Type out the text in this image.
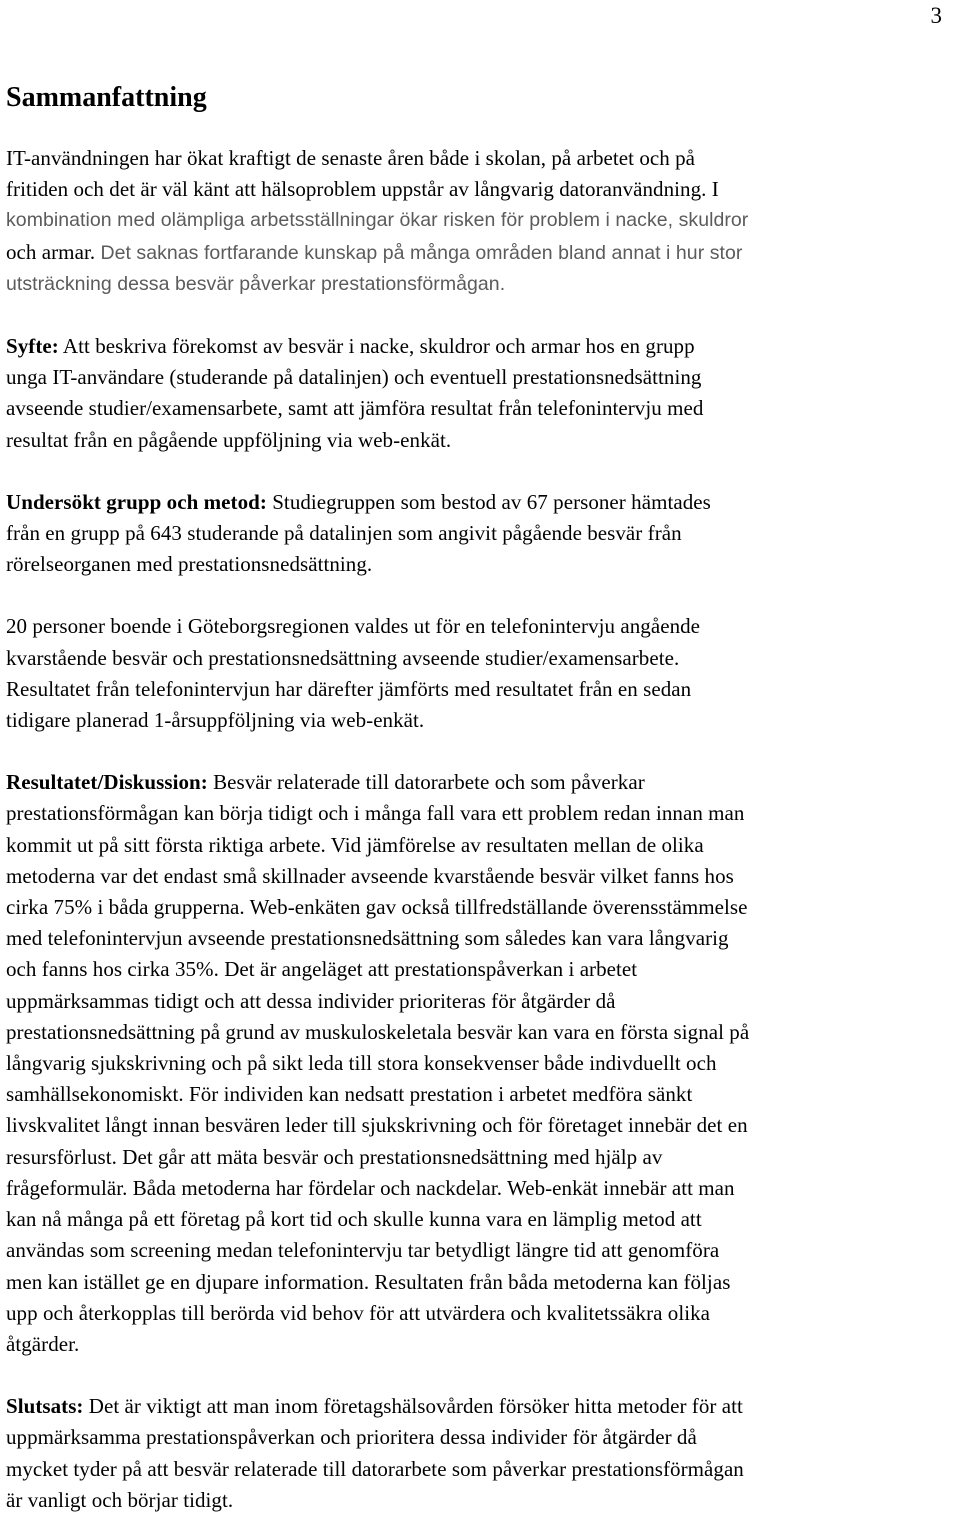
3
Sammanfattning

IT-användningen har ökat kraftigt de senaste åren både i skolan, på arbetet och på
fritiden och det är väl känt att hälsoproblem uppstår av långvarig datoranvändning. I
kombination med olämpliga arbetsställningar ökar risken för problem i nacke, skuldror
och armar. Det saknas fortfarande kunskap på många områden bland annat i hur stor
utsträckning dessa besvär påverkar prestationsförmågan.

Syfte: Att beskriva förekomst av besvär i nacke, skuldror och armar hos en grupp
unga IT-användare (studerande på datalinjen) och eventuell prestationsnedsättning
avseende studier/examensarbete, samt att jämföra resultat från telefonintervju med
resultat från en pågående uppföljning via web-enkät.

Undersökt grupp och metod: Studiegruppen som bestod av 67 personer hämtades
från en grupp på 643 studerande på datalinjen som angivit pågående besvär från
rörelseorganen med prestationsnedsättning.

20 personer boende i Göteborgsregionen valdes ut för en telefonintervju angående
kvarstående besvär och prestationsnedsättning avseende studier/examensarbete.
Resultatet från telefonintervjun har därefter jämförts med resultatet från en sedan
tidigare planerad 1-årsuppföljning via web-enkät.

Resultatet/Diskussion: Besvär relaterade till datorarbete och som påverkar
prestationsförmågan kan börja tidigt och i många fall vara ett problem redan innan man
kommit ut på sitt första riktiga arbete. Vid jämförelse av resultaten mellan de olika
metoderna var det endast små skillnader avseende kvarstående besvär vilket fanns hos
cirka 75% i båda grupperna. Web-enkäten gav också tillfredställande överensstämmelse
med telefonintervjun avseende prestationsnedsättning som således kan vara långvarig
och fanns hos cirka 35%. Det är angeläget att prestationspåverkan i arbetet
uppmärksammas tidigt och att dessa individer prioriteras för åtgärder då
prestationsnedsättning på grund av muskuloskeletala besvär kan vara en första signal på
långvarig sjukskrivning och på sikt leda till stora konsekvenser både indivduellt och
samhällsekonomiskt. För individen kan nedsatt prestation i arbetet medföra sänkt
livskvalitet långt innan besvären leder till sjukskrivning och för företaget innebär det en
resursförlust. Det går att mäta besvär och prestationsnedsättning med hjälp av
frågeformulär. Båda metoderna har fördelar och nackdelar. Web-enkät innebär att man
kan nå många på ett företag på kort tid och skulle kunna vara en lämplig metod att
användas som screening medan telefonintervju tar betydligt längre tid att genomföra
men kan istället ge en djupare information. Resultaten från båda metoderna kan följas
upp och återkopplas till berörda vid behov för att utvärdera och kvalitetssäkra olika
åtgärder.

Slutsats: Det är viktigt att man inom företagshälsovården försöker hitta metoder för att
uppmärksamma prestationspåverkan och prioritera dessa individer för åtgärder då
mycket tyder på att besvär relaterade till datorarbete som påverkar prestationsförmågan
är vanligt och börjar tidigt.
